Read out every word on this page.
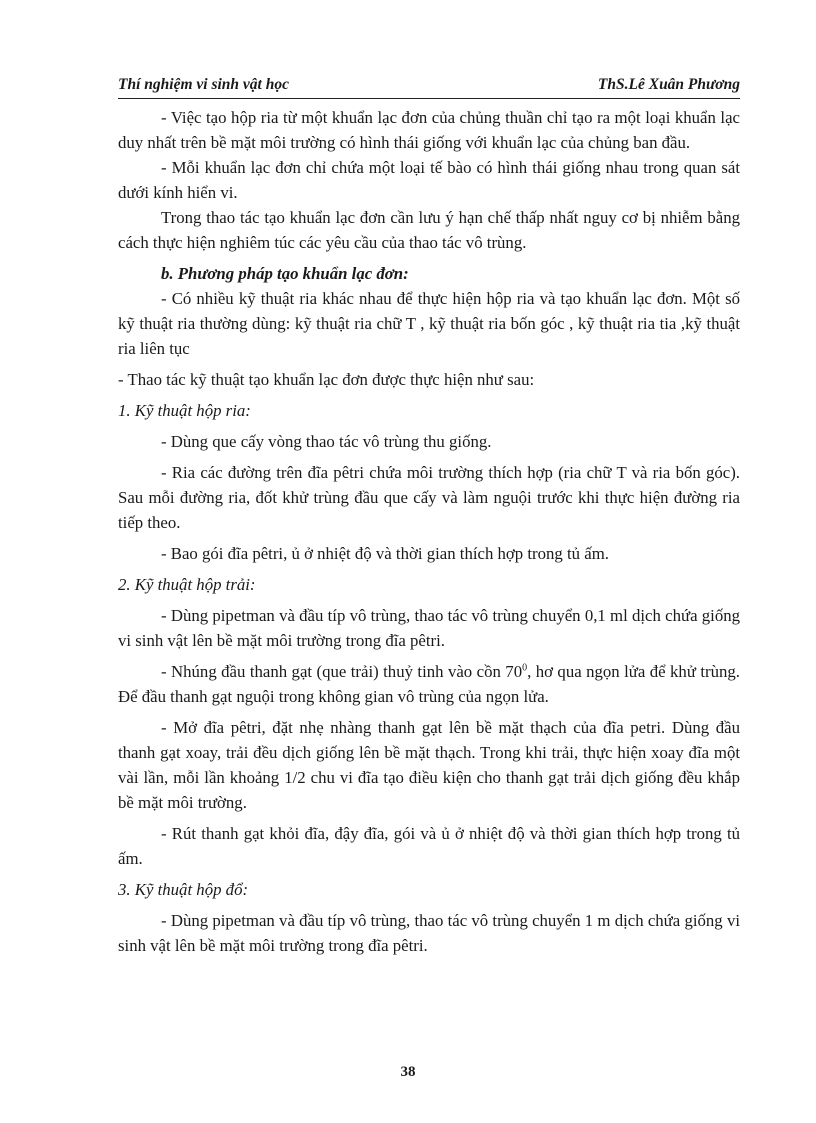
Thí nghiệm vi sinh vật học	ThS.Lê Xuân Phương

- Việc tạo hộp ria từ một khuẩn lạc đơn của chủng thuần chỉ tạo ra một loại khuẩn lạc duy nhất trên bề mặt môi trường có hình thái giống với khuẩn lạc của chủng ban đầu.

- Mỗi khuẩn lạc đơn chỉ chứa một loại tế bào có hình thái giống nhau trong quan sát dưới kính hiển vi.

Trong thao tác tạo khuẩn lạc đơn cần lưu ý hạn chế thấp nhất nguy cơ bị nhiễm bằng cách thực hiện nghiêm túc các yêu cầu của thao tác vô trùng.

b. Phương pháp tạo khuẩn lạc đơn:

- Có nhiều kỹ thuật ria khác nhau để thực hiện hộp ria và tạo khuẩn lạc đơn. Một số kỹ thuật ria thường dùng: kỹ thuật ria chữ T , kỹ thuật ria bốn góc , kỹ thuật ria tia ,kỹ thuật ria liên tục

- Thao tác kỹ thuật tạo khuẩn lạc đơn được thực hiện như sau:

1. Kỹ thuật hộp ria:

- Dùng que cấy vòng thao tác vô trùng thu giống.

- Ria các đường trên đĩa pêtri chứa môi trường thích hợp (ria chữ T và ria bốn góc). Sau mỗi đường ria, đốt khử trùng đầu que cấy và làm nguội trước khi thực hiện đường ria tiếp theo.

- Bao gói đĩa pêtri, ủ ở nhiệt độ và thời gian thích hợp trong tủ ấm.

2. Kỹ thuật hộp trải:

- Dùng pipetman và đầu típ vô trùng, thao tác vô trùng chuyển 0,1 ml dịch chứa giống vi sinh vật lên bề mặt môi trường trong đĩa pêtri.

- Nhúng đầu thanh gạt (que trải) thuỷ tinh vào cồn $70^0$, hơ qua ngọn lửa để khử trùng. Để đầu thanh gạt nguội trong không gian vô trùng của ngọn lửa.

- Mở đĩa pêtri, đặt nhẹ nhàng thanh gạt lên bề mặt thạch của đĩa petri. Dùng đầu thanh gạt xoay, trải đều dịch giống lên bề mặt thạch. Trong khi trải, thực hiện xoay đĩa một vài lần, mỗi lần khoảng 1/2 chu vi đĩa tạo điều kiện cho thanh gạt trải dịch giống đều khắp bề mặt môi trường.

- Rút thanh gạt khỏi đĩa, đậy đĩa, gói và ủ ở nhiệt độ và thời gian thích hợp trong tủ ấm.

3. Kỹ thuật hộp đổ:

- Dùng pipetman và đầu típ vô trùng, thao tác vô trùng chuyển 1 m dịch chứa giống vi sinh vật lên bề mặt môi trường trong đĩa pêtri.

38
